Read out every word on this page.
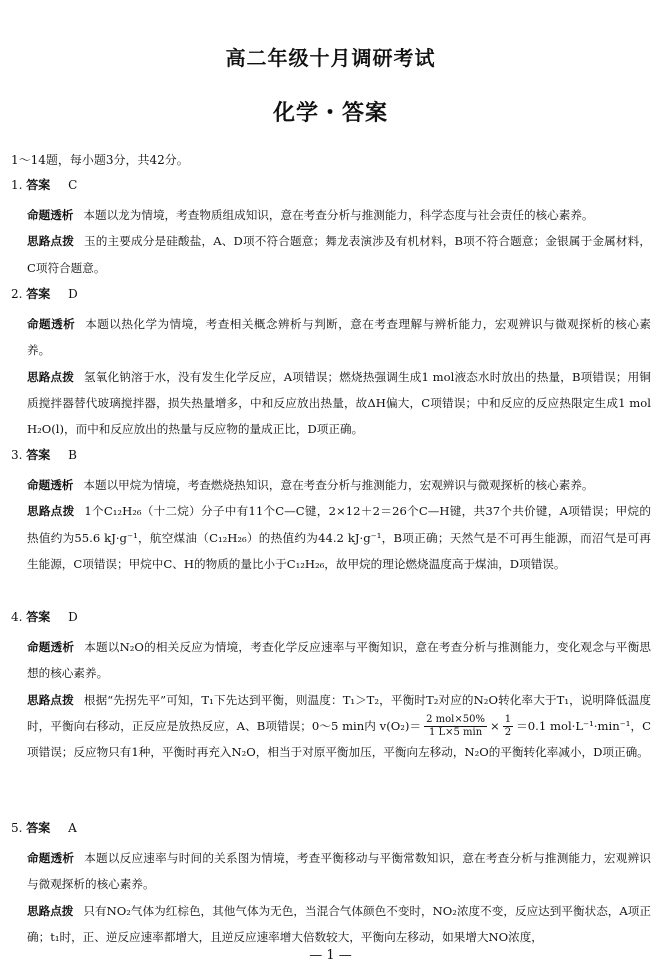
高二年级十月调研考试
化学・答案
1～14题，每小题3分，共42分。
1. 答案 C
命题透析 本题以龙为情境，考查物质组成知识，意在考查分析与推测能力，科学态度与社会责任的核心素养。
思路点拨 玉的主要成分是硅酸盐，A、D项不符合题意；舞龙表演涉及有机材料，B项不符合题意；金银属于金属材料，C项符合题意。
2. 答案 D
命题透析 本题以热化学为情境，考查相关概念辨析与判断，意在考查理解与辨析能力，宏观辨识与微观探析的核心素养。
思路点拨 氢氧化钠溶于水，没有发生化学反应，A项错误；燃烧热强调生成1 mol液态水时放出的热量，B项错误；用铜质搅拌器替代玻璃搅拌器，损失热量增多，中和反应放出热量，故ΔH偏大，C项错误；中和反应的反应热限定生成1 mol H₂O(l)，而中和反应放出的热量与反应物的量成正比，D项正确。
3. 答案 B
命题透析 本题以甲烷为情境，考查燃烧热知识，意在考查分析与推测能力，宏观辨识与微观探析的核心素养。
思路点拨 1个C₁₂H₂₆（十二烷）分子中有11个C—C键，2×12＋2＝26个C—H键，共37个共价键，A项错误；甲烷的热值约为55.6 kJ·g⁻¹，航空煤油（C₁₂H₂₆）的热值约为44.2 kJ·g⁻¹，B项正确；天然气是不可再生能源，而沼气是可再生能源，C项错误；甲烷中C、H的物质的量比小于C₁₂H₂₆，故甲烷的理论燃烧温度高于煤油，D项错误。
4. 答案 D
命题透析 本题以N₂O的相关反应为情境，考查化学反应速率与平衡知识，意在考查分析与推测能力，变化观念与平衡思想的核心素养。
思路点拨 根据“先拐先平”可知，T₁下先达到平衡，则温度：T₁＞T₂，平衡时T₂对应的N₂O转化率大于T₁，说明降低温度时，平衡向右移动，正反应是放热反应，A、B项错误；0～5 min内 $v(O_2)= \frac{\text{2 mol×50\%}}{1 L\times 5 \min} \times \frac{1}{2} =0.1$ mol·L⁻¹·min⁻¹，C项错误；反应物只有1种，平衡时再充入N₂O，相当于对原平衡加压，平衡向左移动，N₂O的平衡转化率减小，D项正确。
5. 答案 A
命题透析 本题以反应速率与时间的关系图为情境，考查平衡移动与平衡常数知识，意在考查分析与推测能力，宏观辨识与微观探析的核心素养。
思路点拨 只有NO₂气体为红棕色，其他气体为无色，当混合气体颜色不变时，NO₂浓度不变，反应达到平衡状态，A项正确；t₁时，正、逆反应速率都增大，且逆反应速率增大倍数较大，平衡向左移动，如果增大NO浓度，
— 1 —
